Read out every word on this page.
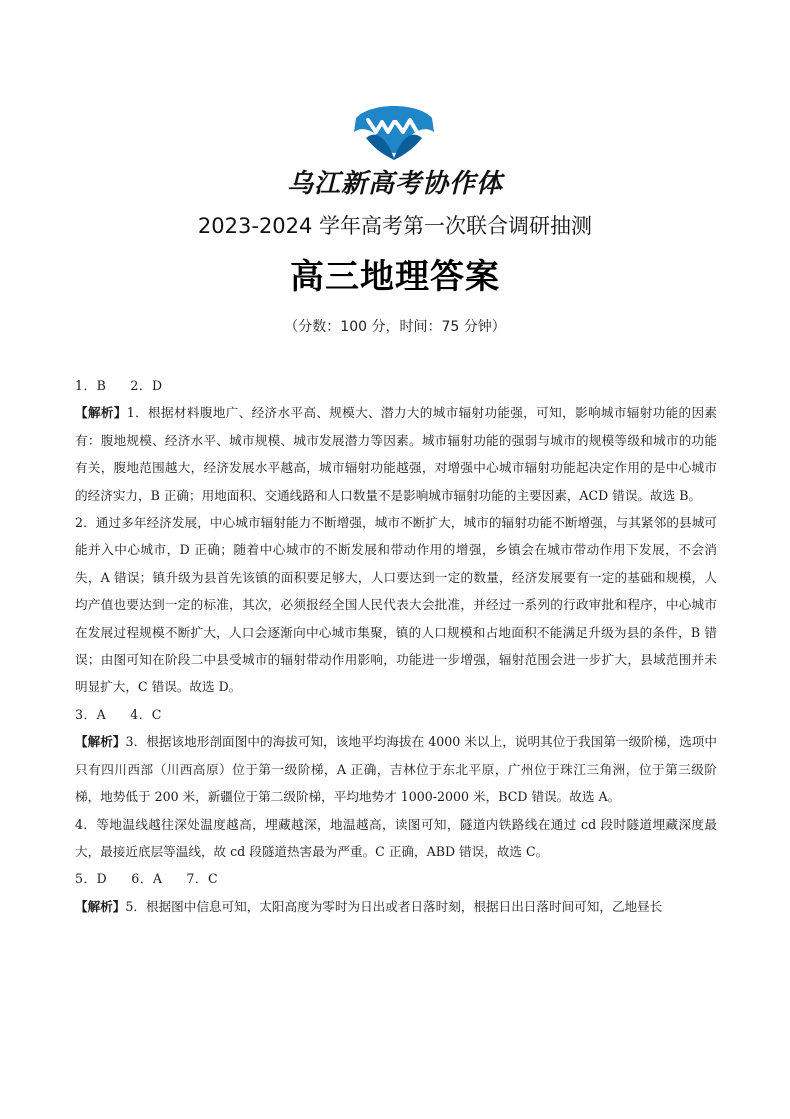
乌江新高考协作体
2023-2024 学年高考第一次联合调研抽测
高三地理答案
（分数：100 分，时间：75 分钟）

1．B 2．D

【解析】1．根据材料腹地广、经济水平高、规模大、潜力大的城市辐射功能强，可知，影响城市辐射功能的因素有：腹地规模、经济水平、城市规模、城市发展潜力等因素。城市辐射功能的强弱与城市的规模等级和城市的功能有关，腹地范围越大，经济发展水平越高，城市辐射功能越强，对增强中心城市辐射功能起决定作用的是中心城市的经济实力，B 正确；用地面积、交通线路和人口数量不是影响城市辐射功能的主要因素，ACD 错误。故选 B。

2．通过多年经济发展，中心城市辐射能力不断增强，城市不断扩大，城市的辐射功能不断增强，与其紧邻的县城可能并入中心城市，D 正确；随着中心城市的不断发展和带动作用的增强，乡镇会在城市带动作用下发展，不会消失，A 错误；镇升级为县首先该镇的面积要足够大，人口要达到一定的数量，经济发展要有一定的基础和规模，人均产值也要达到一定的标准，其次，必须报经全国人民代表大会批准，并经过一系列的行政审批和程序，中心城市在发展过程规模不断扩大，人口会逐渐向中心城市集聚，镇的人口规模和占地面积不能满足升级为县的条件，B 错误；由图可知在阶段二中县受城市的辐射带动作用影响，功能进一步增强，辐射范围会进一步扩大，县域范围并未明显扩大，C 错误。故选 D。

3．A 4．C

【解析】3．根据该地形剖面图中的海拔可知，该地平均海拔在 4000 米以上，说明其位于我国第一级阶梯，选项中只有四川西部（川西高原）位于第一级阶梯，A 正确，吉林位于东北平原，广州位于珠江三角洲，位于第三级阶梯，地势低于 200 米，新疆位于第二级阶梯，平均地势才 1000-2000 米，BCD 错误。故选 A。

4．等地温线越往深处温度越高，埋藏越深，地温越高，读图可知，隧道内铁路线在通过 cd 段时隧道埋藏深度最大，最接近底层等温线，故 cd 段隧道热害最为严重。C 正确，ABD 错误，故选 C。

5．D 6．A 7．C

【解析】5．根据图中信息可知，太阳高度为零时为日出或者日落时刻，根据日出日落时间可知，乙地昼长
